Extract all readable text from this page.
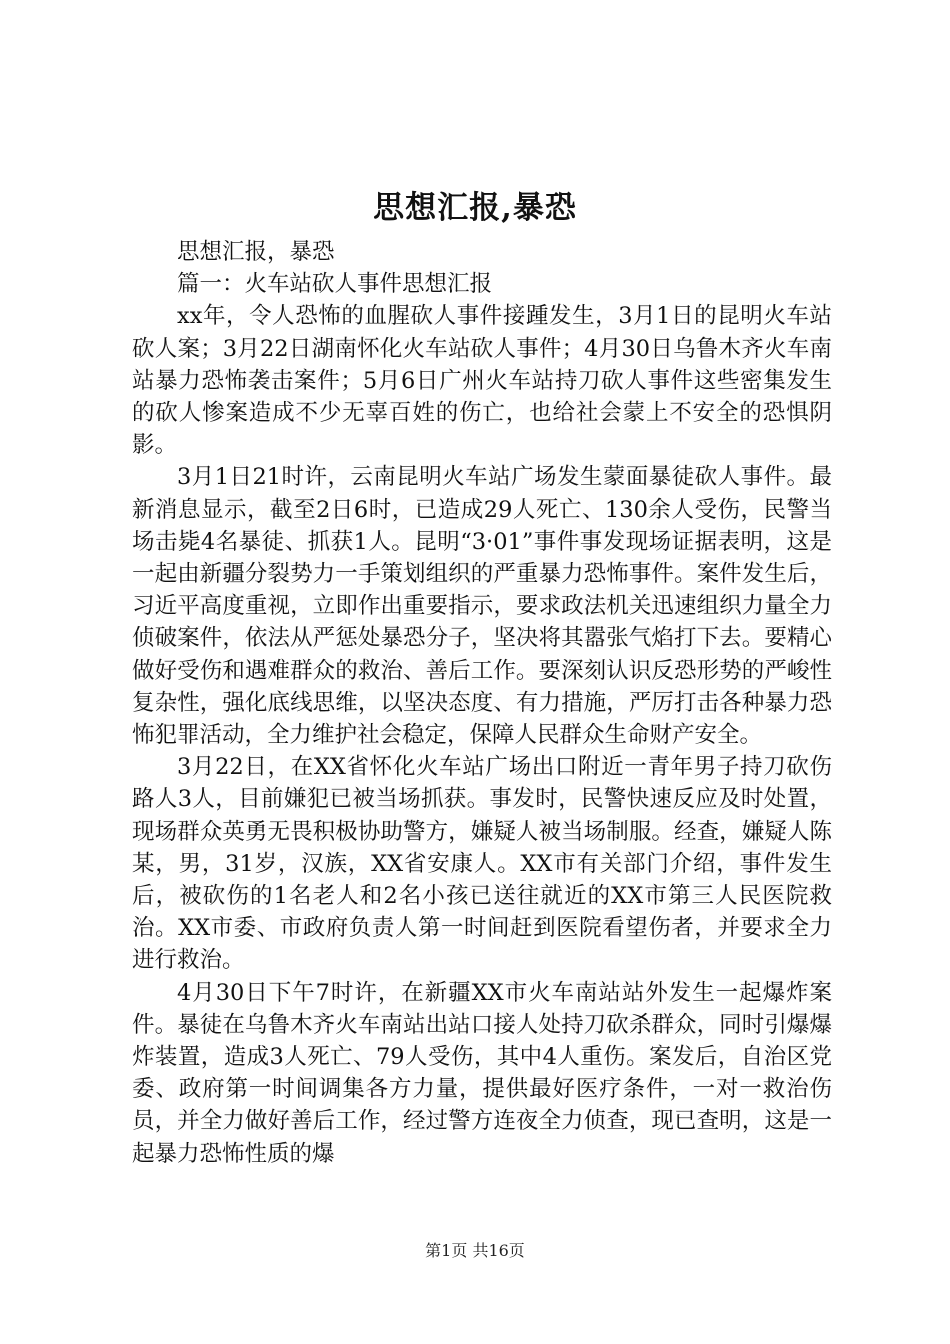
思想汇报,暴恐

思想汇报，暴恐

篇一：火车站砍人事件思想汇报

xx年，令人恐怖的血腥砍人事件接踵发生，3月1日的昆明火车站砍人案；3月22日湖南怀化火车站砍人事件；4月30日乌鲁木齐火车南站暴力恐怖袭击案件；5月6日广州火车站持刀砍人事件这些密集发生的砍人惨案造成不少无辜百姓的伤亡，也给社会蒙上不安全的恐惧阴影。

3月1日21时许，云南昆明火车站广场发生蒙面暴徒砍人事件。最新消息显示，截至2日6时，已造成29人死亡、130余人受伤，民警当场击毙4名暴徒、抓获1人。昆明“3·01”事件事发现场证据表明，这是一起由新疆分裂势力一手策划组织的严重暴力恐怖事件。案件发生后，习近平高度重视，立即作出重要指示，要求政法机关迅速组织力量全力侦破案件，依法从严惩处暴恐分子，坚决将其嚣张气焰打下去。要精心做好受伤和遇难群众的救治、善后工作。要深刻认识反恐形势的严峻性复杂性，强化底线思维，以坚决态度、有力措施，严厉打击各种暴力恐怖犯罪活动，全力维护社会稳定，保障人民群众生命财产安全。

3月22日，在XX省怀化火车站广场出口附近一青年男子持刀砍伤路人3人，目前嫌犯已被当场抓获。事发时，民警快速反应及时处置，现场群众英勇无畏积极协助警方，嫌疑人被当场制服。经查，嫌疑人陈某，男，31岁，汉族，XX省安康人。XX市有关部门介绍，事件发生后，被砍伤的1名老人和2名小孩已送往就近的XX市第三人民医院救治。XX市委、市政府负责人第一时间赶到医院看望伤者，并要求全力进行救治。

4月30日下午7时许，在新疆XX市火车南站站外发生一起爆炸案件。暴徒在乌鲁木齐火车南站出站口接人处持刀砍杀群众，同时引爆爆炸装置，造成3人死亡、79人受伤，其中4人重伤。案发后，自治区党委、政府第一时间调集各方力量，提供最好医疗条件，一对一救治伤员，并全力做好善后工作，经过警方连夜全力侦查，现已查明，这是一起暴力恐怖性质的爆

第1页 共16页
